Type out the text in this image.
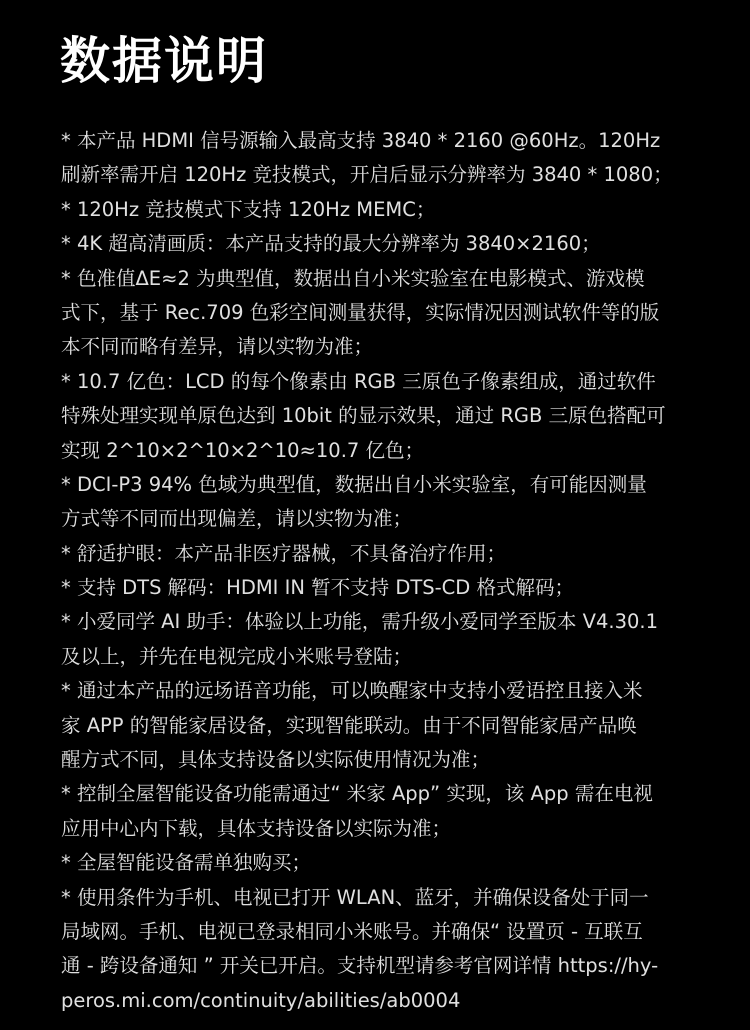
数据说明
* 本产品 HDMI 信号源输入最高支持 3840 * 2160 @60Hz。120Hz
刷新率需开启 120Hz 竞技模式，开启后显示分辨率为 3840 * 1080；
* 120Hz 竞技模式下支持 120Hz MEMC；
* 4K 超高清画质：本产品支持的最大分辨率为 3840×2160；
* 色准值ΔE≈2 为典型值，数据出自小米实验室在电影模式、游戏模
式下，基于 Rec.709 色彩空间测量获得，实际情况因测试软件等的版
本不同而略有差异，请以实物为准；
* 10.7 亿色：LCD 的每个像素由 RGB 三原色子像素组成，通过软件
特殊处理实现单原色达到 10bit 的显示效果，通过 RGB 三原色搭配可
实现 2^10×2^10×2^10≈10.7 亿色；
* DCI-P3 94% 色域为典型值，数据出自小米实验室，有可能因测量
方式等不同而出现偏差，请以实物为准；
* 舒适护眼：本产品非医疗器械，不具备治疗作用；
* 支持 DTS 解码：HDMI IN 暂不支持 DTS-CD 格式解码；
* 小爱同学 AI 助手：体验以上功能，需升级小爱同学至版本 V4.30.1
及以上，并先在电视完成小米账号登陆；
* 通过本产品的远场语音功能，可以唤醒家中支持小爱语控且接入米
家 APP 的智能家居设备，实现智能联动。由于不同智能家居产品唤
醒方式不同，具体支持设备以实际使用情况为准；
* 控制全屋智能设备功能需通过“ 米家 App” 实现，该 App 需在电视
应用中心内下载，具体支持设备以实际为准；
* 全屋智能设备需单独购买；
* 使用条件为手机、电视已打开 WLAN、蓝牙，并确保设备处于同一
局域网。手机、电视已登录相同小米账号。并确保“ 设置页 - 互联互
通 - 跨设备通知 ” 开关已开启。支持机型请参考官网详情 https://hy-
peros.mi.com/continuity/abilities/ab0004
